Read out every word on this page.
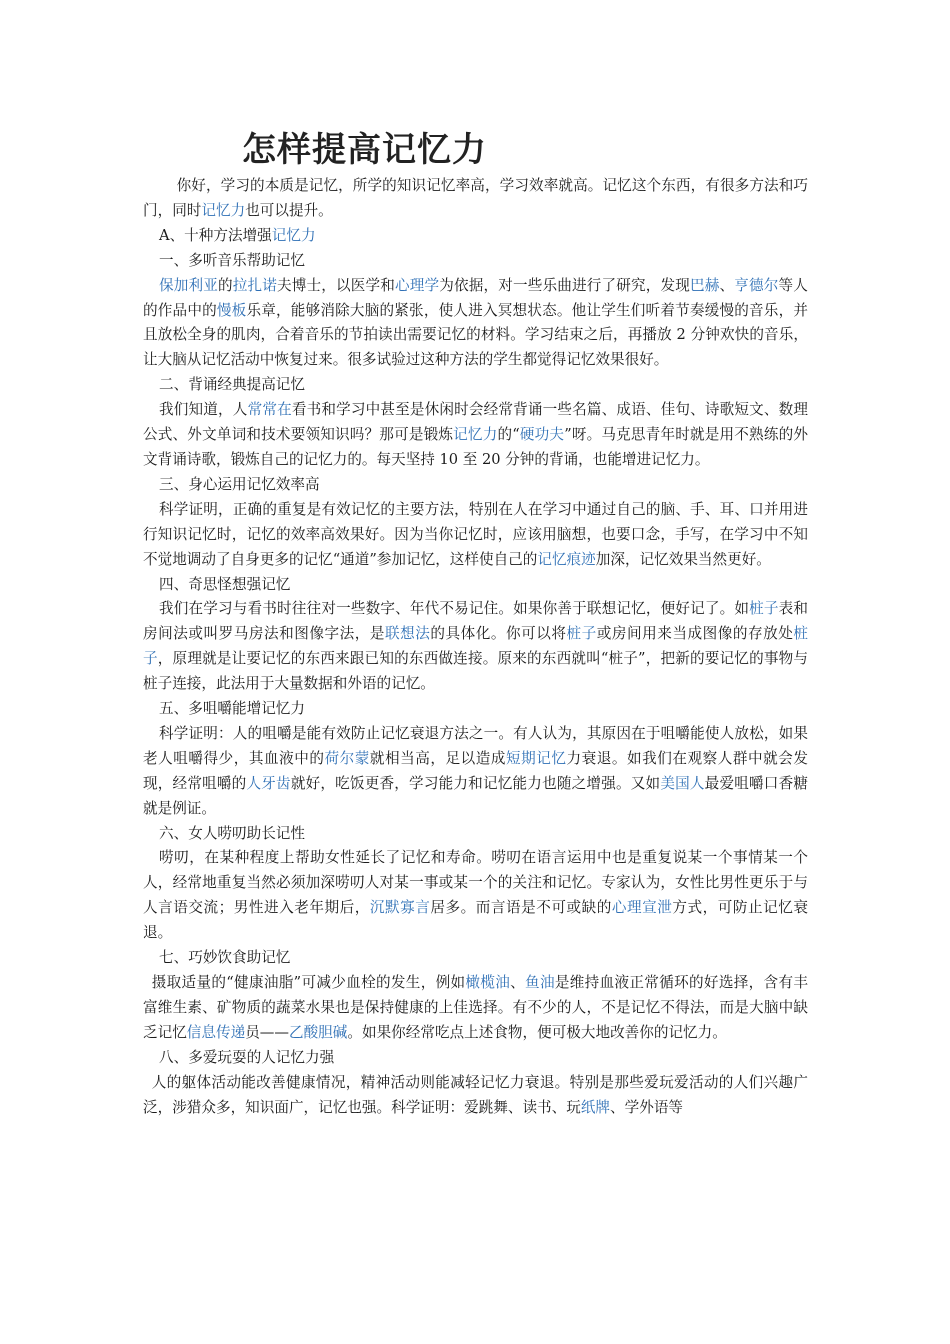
怎样提高记忆力

你好，学习的本质是记忆，所学的知识记忆率高，学习效率就高。记忆这个东西，有很多方法和巧门，同时记忆力也可以提升。

A、十种方法增强记忆力

一、多听音乐帮助记忆

保加利亚的拉扎诺夫博士，以医学和心理学为依据，对一些乐曲进行了研究，发现巴赫、亨德尔等人的作品中的慢板乐章，能够消除大脑的紧张，使人进入冥想状态。他让学生们听着节奏缓慢的音乐，并且放松全身的肌肉，合着音乐的节拍读出需要记忆的材料。学习结束之后，再播放 2 分钟欢快的音乐，让大脑从记忆活动中恢复过来。很多试验过这种方法的学生都觉得记忆效果很好。

二、背诵经典提高记忆

我们知道，人常常在看书和学习中甚至是休闲时会经常背诵一些名篇、成语、佳句、诗歌短文、数理公式、外文单词和技术要领知识吗？那可是锻炼记忆力的“硬功夫”呀。马克思青年时就是用不熟练的外文背诵诗歌，锻炼自己的记忆力的。每天坚持 10 至 20 分钟的背诵，也能增进记忆力。

三、身心运用记忆效率高

科学证明，正确的重复是有效记忆的主要方法，特别在人在学习中通过自己的脑、手、耳、口并用进行知识记忆时，记忆的效率高效果好。因为当你记忆时，应该用脑想，也要口念，手写，在学习中不知不觉地调动了自身更多的记忆“通道”参加记忆，这样使自己的记忆痕迹加深，记忆效果当然更好。

四、奇思怪想强记忆

我们在学习与看书时往往对一些数字、年代不易记住。如果你善于联想记忆，便好记了。如桩子表和房间法或叫罗马房法和图像字法，是联想法的具体化。你可以将桩子或房间用来当成图像的存放处桩子，原理就是让要记忆的东西来跟已知的东西做连接。原来的东西就叫“桩子”，把新的要记忆的事物与桩子连接，此法用于大量数据和外语的记忆。

五、多咀嚼能增记忆力

科学证明：人的咀嚼是能有效防止记忆衰退方法之一。有人认为，其原因在于咀嚼能使人放松，如果老人咀嚼得少，其血液中的荷尔蒙就相当高，足以造成短期记忆力衰退。如我们在观察人群中就会发现，经常咀嚼的人牙齿就好，吃饭更香，学习能力和记忆能力也随之增强。又如美国人最爱咀嚼口香糖就是例证。

六、女人唠叨助长记性

唠叨，在某种程度上帮助女性延长了记忆和寿命。唠叨在语言运用中也是重复说某一个事情某一个人，经常地重复当然必须加深唠叨人对某一事或某一个的关注和记忆。专家认为，女性比男性更乐于与人言语交流；男性进入老年期后，沉默寡言居多。而言语是不可或缺的心理宣泄方式，可防止记忆衰退。

七、巧妙饮食助记忆

摄取适量的“健康油脂”可减少血栓的发生，例如橄榄油、鱼油是维持血液正常循环的好选择，含有丰富维生素、矿物质的蔬菜水果也是保持健康的上佳选择。有不少的人，不是记忆不得法，而是大脑中缺乏记忆信息传递员——乙酸胆碱。如果你经常吃点上述食物，便可极大地改善你的记忆力。

八、多爱玩耍的人记忆力强

人的躯体活动能改善健康情况，精神活动则能减轻记忆力衰退。特别是那些爱玩爱活动的人们兴趣广泛，涉猎众多，知识面广，记忆也强。科学证明：爱跳舞、读书、玩纸牌、学外语等
